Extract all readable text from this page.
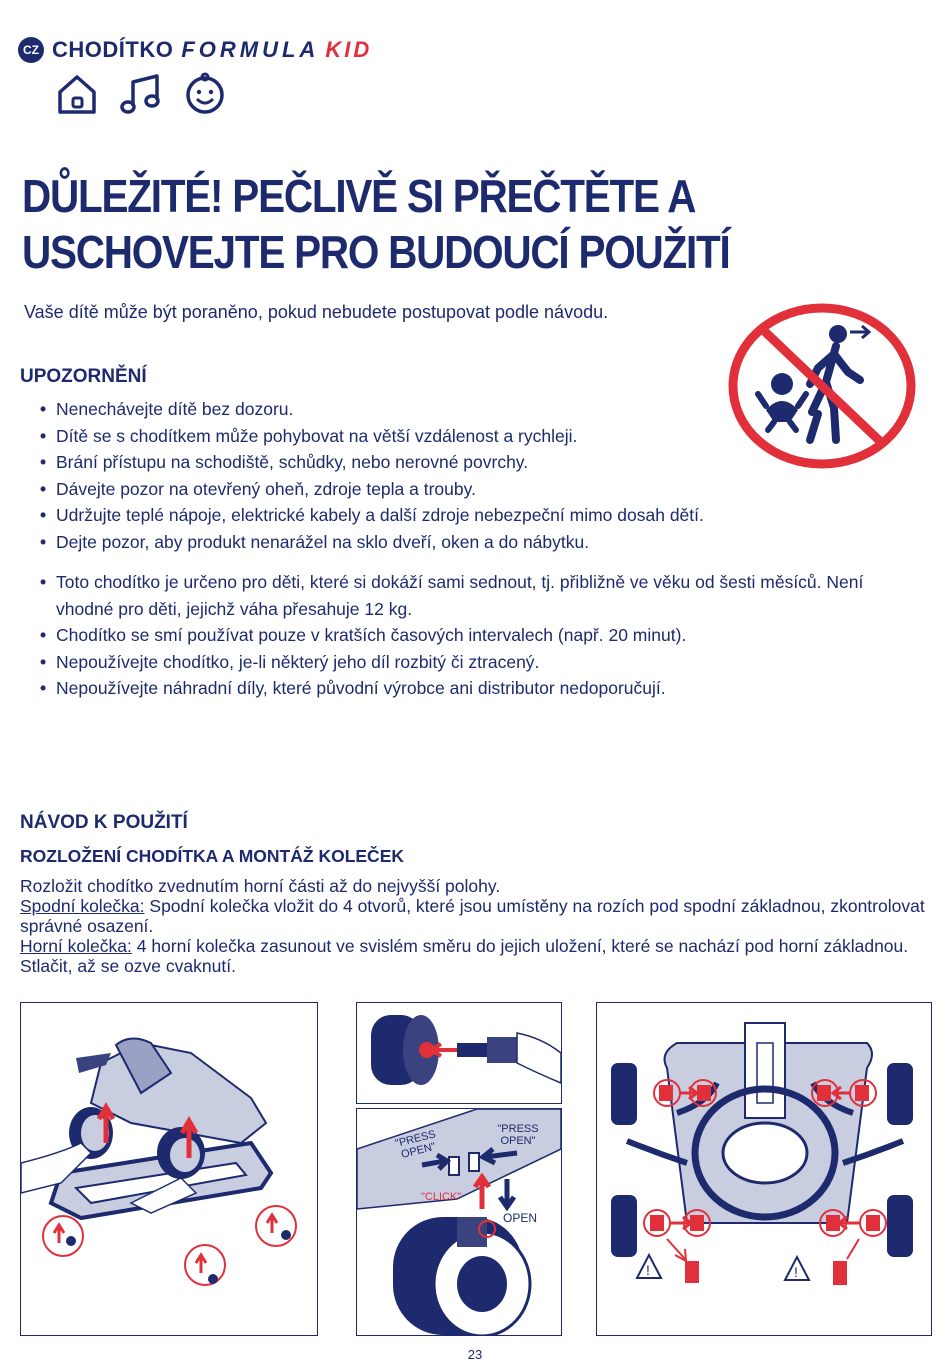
CZ CHODÍTKO FORMULA KID
DŮLEŽITÉ! PEČLIVĚ SI PŘEČTĚTE A USCHOVEJTE PRO BUDOUCÍ POUŽITÍ
Vaše dítě může být poraněno, pokud nebudete postupovat podle návodu.
UPOZORNĚNÍ
• Nenechávejte dítě bez dozoru.
• Dítě se s chodítkem může pohybovat na větší vzdálenost a rychleji.
• Brání přístupu na schodiště, schůdky, nebo nerovné povrchy.
• Dávejte pozor na otevřený oheň, zdroje tepla a trouby.
• Udržujte teplé nápoje, elektrické kabely a další zdroje nebezpeční mimo dosah dětí.
• Dejte pozor, aby produkt nenarážel na sklo dveří, oken a do nábytku.
• Toto chodítko je určeno pro děti, které si dokáží sami sednout, tj. přibližně ve věku od šesti měsíců. Není vhodné pro děti, jejichž váha přesahuje 12 kg.
• Chodítko se smí používat pouze v kratších časových intervalech (např. 20 minut).
• Nepoužívejte chodítko, je-li některý jeho díl rozbitý či ztracený.
• Nepoužívejte náhradní díly, které původní výrobce ani distributor nedoporučují.
NÁVOD K POUŽITÍ
ROZLOŽENÍ CHODÍTKA A MONTÁŽ KOLEČEK
Rozložit chodítko zvednutím horní části až do nejvyšší polohy.
Spodní kolečka: Spodní kolečka vložit do 4 otvorů, které jsou umístěny na rozích pod spodní základnou, zkontrolovat správné osazení.
Horní kolečka: 4 horní kolečka zasunout ve svislém směru do jejich uložení, které se nachází pod horní základnou. Stlačit, až se ozve cvaknutí.
"PRESS OPEN"
"PRESS OPEN"
"CLICK"
OPEN
!	!
23
